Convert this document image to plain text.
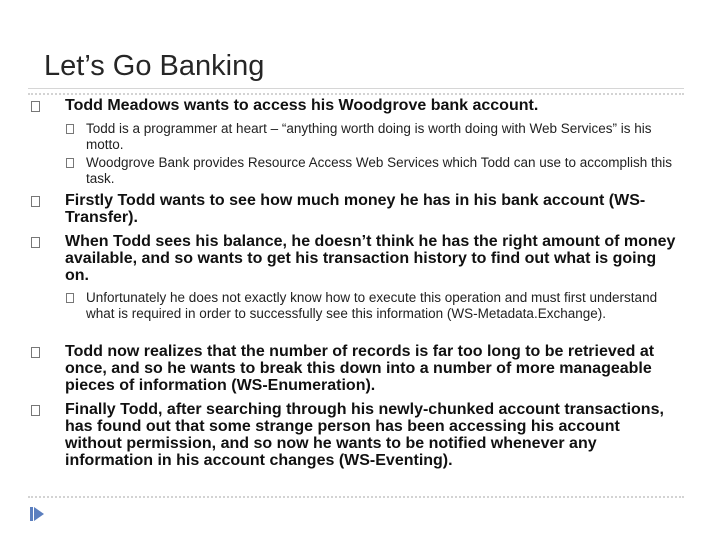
Let’s Go Banking
Todd Meadows wants to access his Woodgrove bank account.
Todd is a programmer at heart – “anything worth doing is worth doing with Web Services” is his motto.
Woodgrove Bank provides Resource Access Web Services which Todd can use to accomplish this task.
Firstly Todd wants to see how much money he has in his bank account (WS-Transfer).
When Todd sees his balance, he doesn’t think he has the right amount of money available, and so wants to get his transaction history to find out what is going on.
Unfortunately he does not exactly know how to execute this operation and must first understand what is required in order to successfully see this information (WS-Metadata.Exchange).
Todd now realizes that the number of records is far too long to be retrieved at once, and so he wants to break this down into a number of more manageable pieces of information (WS-Enumeration).
Finally Todd, after searching through his newly-chunked account transactions, has found out that some strange person has been accessing his account without permission, and so now he wants to be notified whenever any information in his account changes (WS-Eventing).
